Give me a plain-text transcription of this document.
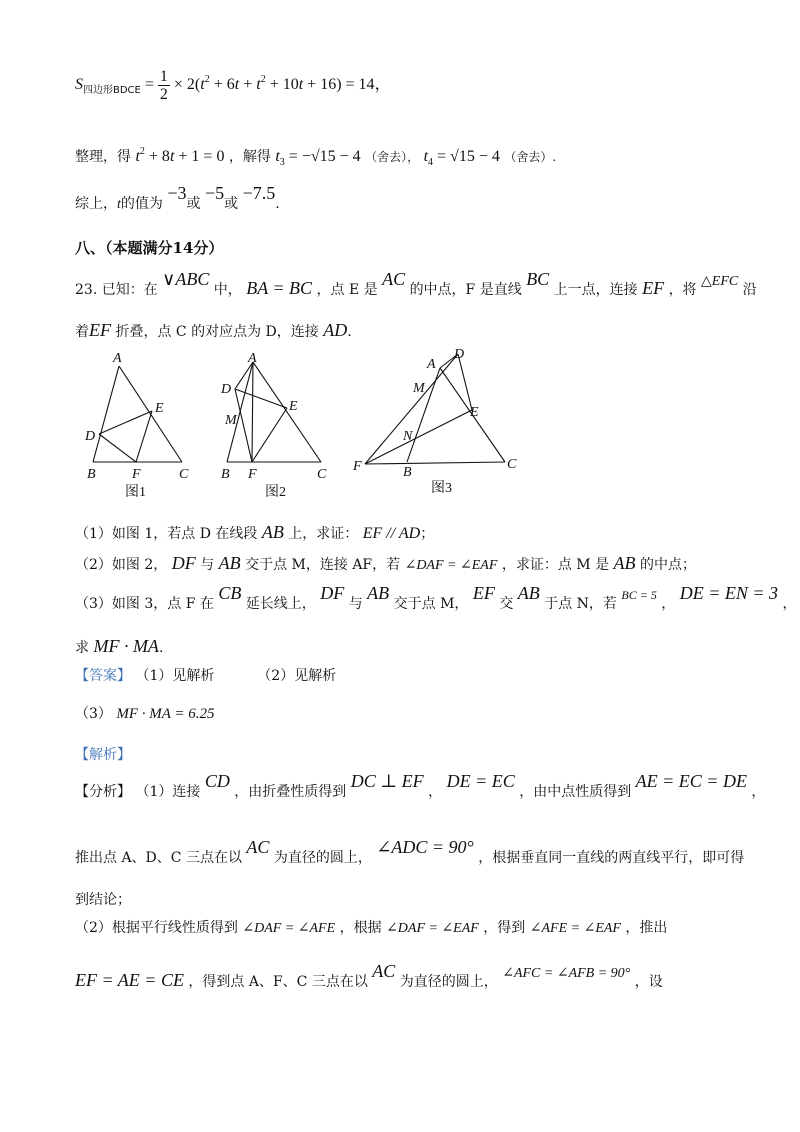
$S_{四边形BDCE} = \frac{1}{2} \times 2(t^2 + 6t + t^2 + 10t + 16) = 14$，
整理，得 $t^2 + 8t + 1 = 0$ ，解得 $t_3 = -√15 - 4$ （舍去）， $t_4 = √15 - 4$ （舍去）.
综上，t的值为 −3或 −5或 −7.5.
八、（本题满分14分）
23. 已知：在 ∨ABC 中， BA = BC ，点 E 是 AC 的中点，F 是直线 BC 上一点，连接 EF ，将 △EFC 沿
着EF 折叠，点 C 的对应点为 D，连接 AD.
A
E
D
B	F	C
图1
A
D
E
M
B F	C
图2
A
D
M
E
N
F	B
C
图3
（1）如图 1，若点 D 在线段 AB 上，求证： EF // AD；
（2）如图 2， DF 与 AB 交于点 M，连接 AF，若 ∠DAF = ∠EAF ，求证：点 M 是 AB 的中点；
（3）如图 3，点 F 在 CB 延长线上， DF 与 AB 交于点 M， EF 交 AB 于点 N，若 BC = 5 ， DE = EN = 3 ，
求 MF · MA.
【答案】 （1）见解析	（2）见解析
（3） MF · MA = 6.25
【解析】
【分析】 （1）连接 CD ，由折叠性质得到 DC ⊥ EF ， DE = EC ，由中点性质得到 AE = EC = DE ，
推出点 A、D、C 三点在以 AC 为直径的圆上， ∠ADC = 90° ，根据垂直同一直线的两直线平行，即可得
到结论；
（2）根据平行线性质得到 ∠DAF = ∠AFE ，根据 ∠DAF = ∠EAF ，得到 ∠AFE = ∠EAF ，推出
EF = AE = CE ，得到点 A、F、C 三点在以 AC 为直径的圆上， ∠AFC = ∠AFB = 90° ，设
